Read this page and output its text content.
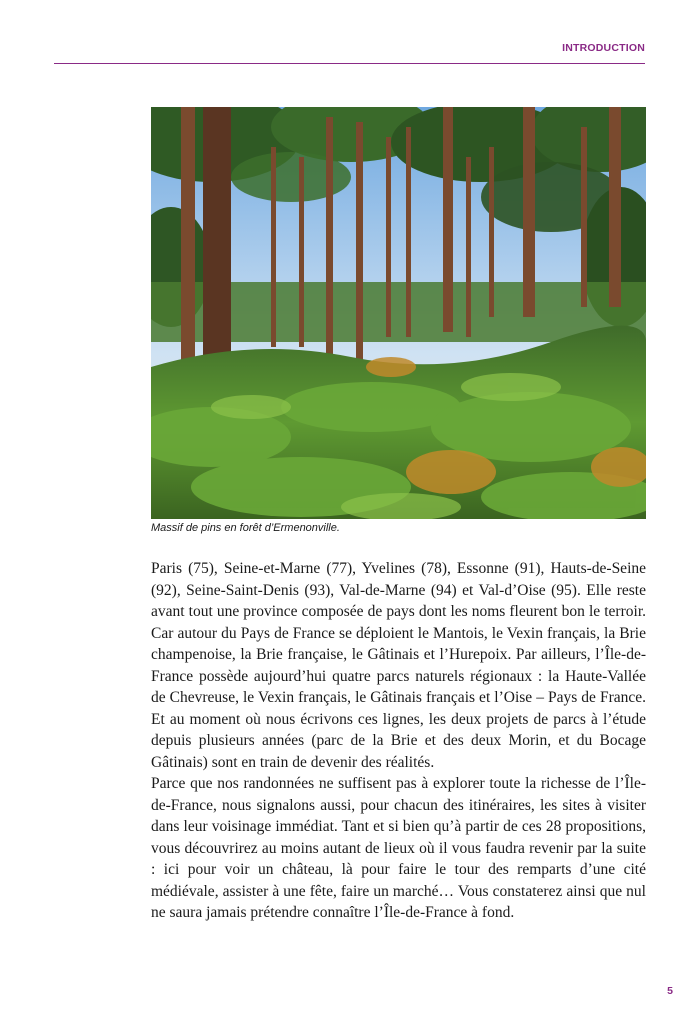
INTRODUCTION
Massif de pins en forêt d’Ermenonville.

Paris (75), Seine-et-Marne (77), Yvelines (78), Essonne (91), Hauts-de-Seine (92), Seine-Saint-Denis (93), Val-de-Marne (94) et Val-d’Oise (95). Elle reste avant tout une province composée de pays dont les noms fleurent bon le terroir. Car autour du Pays de France se déploient le Mantois, le Vexin français, la Brie champenoise, la Brie française, le Gâtinais et l’Hurepoix. Par ailleurs, l’Île-de-France possède aujourd’hui quatre parcs naturels régionaux : la Haute-Vallée de Chevreuse, le Vexin français, le Gâtinais français et l’Oise – Pays de France. Et au moment où nous écrivons ces lignes, les deux projets de parcs à l’étude depuis plusieurs années (parc de la Brie et des deux Morin, et du Bocage Gâtinais) sont en train de devenir des réalités.

Parce que nos randonnées ne suffisent pas à explorer toute la richesse de l’Île-de-France, nous signalons aussi, pour chacun des itinéraires, les sites à visiter dans leur voisinage immédiat. Tant et si bien qu’à partir de ces 28 propositions, vous découvrirez au moins autant de lieux où il vous faudra revenir par la suite : ici pour voir un château, là pour faire le tour des remparts d’une cité médiévale, assister à une fête, faire un marché… Vous constaterez ainsi que nul ne saura jamais prétendre connaître l’Île-de-France à fond.

5
